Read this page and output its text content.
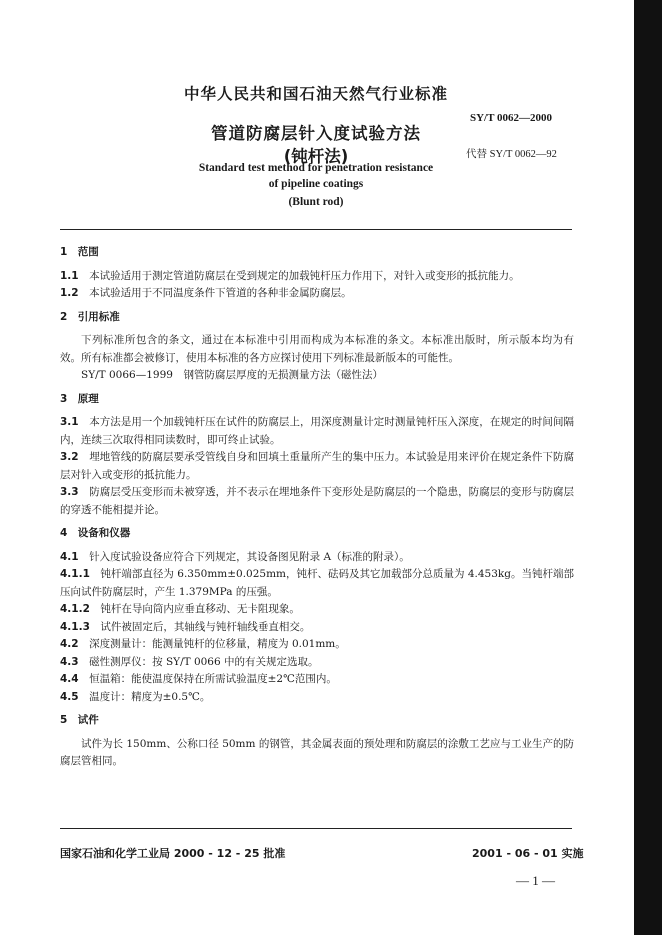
中华人民共和国石油天然气行业标准
SY/T 0062—2000
管道防腐层针入度试验方法
代替 SY/T 0062—92
(钝杆法)
Standard test method for penetration resistance
of pipeline coatings
(Blunt rod)

1　范围

1.1　 本试验适用于测定管道防腐层在受到规定的加载钝杆压力作用下，对针入或变形的抵抗能力。

1.2　 本试验适用于不同温度条件下管道的各种非金属防腐层。

2　引用标准

下列标准所包含的条文，通过在本标准中引用而构成为本标准的条文。本标准出版时，所示版本均为有效。所有标准都会被修订，使用本标准的各方应探讨使用下列标准最新版本的可能性。

SY/T 0066—1999　钢管防腐层厚度的无损测量方法（磁性法）

3　原理

3.1　 本方法是用一个加载钝杆压在试件的防腐层上，用深度测量计定时测量钝杆压入深度，在规定的时间间隔内，连续三次取得相同读数时，即可终止试验。

3.2　 埋地管线的防腐层要承受管线自身和回填土重量所产生的集中压力。本试验是用来评价在规定条件下防腐层对针入或变形的抵抗能力。

3.3　 防腐层受压变形而未被穿透，并不表示在埋地条件下变形处是防腐层的一个隐患，防腐层的变形与防腐层的穿透不能相提并论。

4　设备和仪器

4.1　 针入度试验设备应符合下列规定，其设备图见附录 A（标准的附录）。

4.1.1　 钝杆端部直径为 6.350mm±0.025mm，钝杆、砝码及其它加载部分总质量为 4.453kg。当钝杆端部压向试件防腐层时，产生 1.379MPa 的压强。

4.1.2　 钝杆在导向筒内应垂直移动、无卡阻现象。

4.1.3　 试件被固定后，其轴线与钝杆轴线垂直相交。

4.2　 深度测量计：能测量钝杆的位移量，精度为 0.01mm。

4.3　 磁性测厚仪：按 SY/T 0066 中的有关规定选取。

4.4　 恒温箱：能使温度保持在所需试验温度±2℃范围内。

4.5　 温度计：精度为±0.5℃。

5　试件

试件为长 150mm、公称口径 50mm 的钢管，其金属表面的预处理和防腐层的涂敷工艺应与工业生产的防腐层管相同。

国家石油和化学工业局 2000 - 12 - 25 批准	2001 - 06 - 01 实施
— 1 —
